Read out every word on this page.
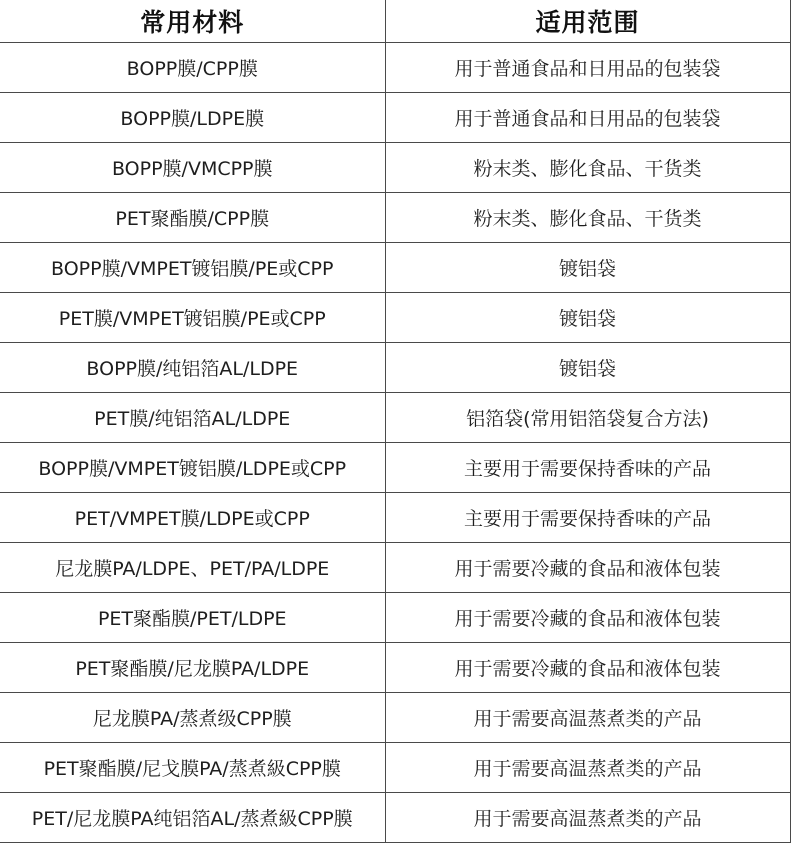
常用材料	适用范围
BOPP膜/CPP膜	用于普通食品和日用品的包装袋
BOPP膜/LDPE膜	用于普通食品和日用品的包装袋
BOPP膜/VMCPP膜	粉末类、膨化食品、干货类
PET聚酯膜/CPP膜	粉末类、膨化食品、干货类
BOPP膜/VMPET镀铝膜/PE或CPP	镀铝袋
PET膜/VMPET镀铝膜/PE或CPP	镀铝袋
BOPP膜/纯铝箔AL/LDPE	镀铝袋
PET膜/纯铝箔AL/LDPE	铝箔袋(常用铝箔袋复合方法)
BOPP膜/VMPET镀铝膜/LDPE或CPP	主要用于需要保持香味的产品
PET/VMPET膜/LDPE或CPP	主要用于需要保持香味的产品
尼龙膜PA/LDPE、PET/PA/LDPE	用于需要冷藏的食品和液体包装
PET聚酯膜/PET/LDPE	用于需要冷藏的食品和液体包装
PET聚酯膜/尼龙膜PA/LDPE	用于需要冷藏的食品和液体包装
尼龙膜PA/蒸煮级CPP膜	用于需要高温蒸煮类的产品
PET聚酯膜/尼戈膜PA/蒸煮級CPP膜	用于需要高温蒸煮类的产品
PET/尼龙膜PA纯铝箔AL/蒸煮級CPP膜	用于需要高温蒸煮类的产品
